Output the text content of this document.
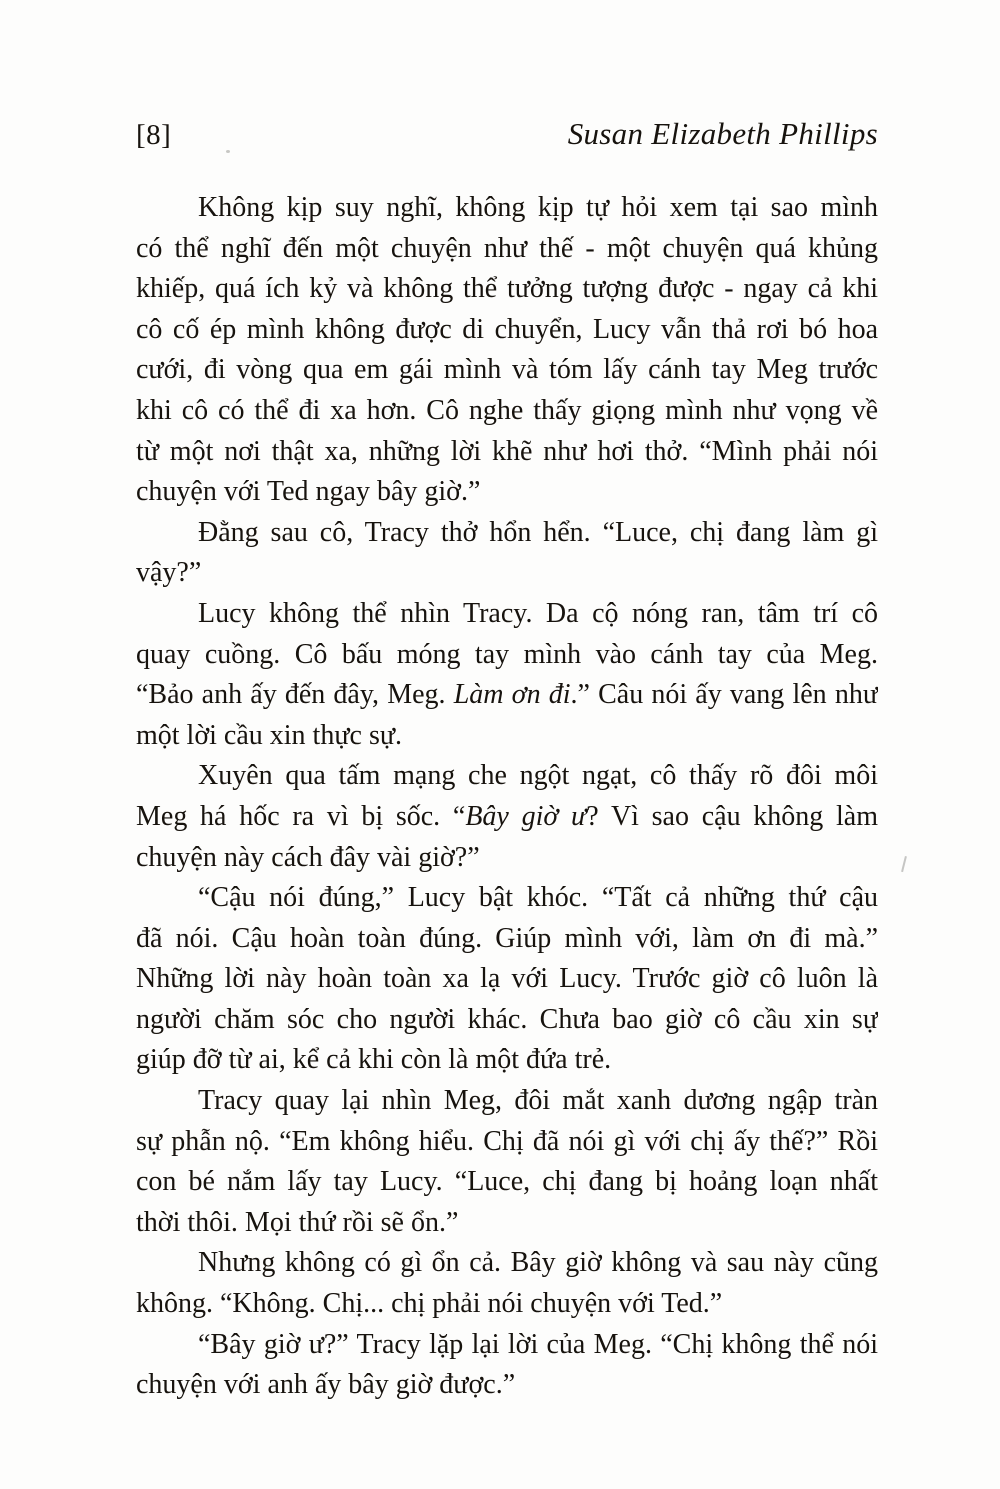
[8]	Susan Elizabeth Phillips
Không kịp suy nghĩ, không kịp tự hỏi xem tại sao mình
có thể nghĩ đến một chuyện như thế - một chuyện quá khủng
khiếp, quá ích kỷ và không thể tưởng tượng được - ngay cả khi
cô cố ép mình không được di chuyển, Lucy vẫn thả rơi bó hoa
cưới, đi vòng qua em gái mình và tóm lấy cánh tay Meg trước
khi cô có thể đi xa hơn. Cô nghe thấy giọng mình như vọng về
từ một nơi thật xa, những lời khẽ như hơi thở. “Mình phải nói
chuyện với Ted ngay bây giờ.”
Đằng sau cô, Tracy thở hổn hển. “Luce, chị đang làm gì
vậy?”
Lucy không thể nhìn Tracy. Da cộ nóng ran, tâm trí cô
quay cuồng. Cô bấu móng tay mình vào cánh tay của Meg.
“Bảo anh ấy đến đây, Meg. Làm ơn đi.” Câu nói ấy vang lên như
một lời cầu xin thực sự.
Xuyên qua tấm mạng che ngột ngạt, cô thấy rõ đôi môi
Meg há hốc ra vì bị sốc. “Bây giờ ư? Vì sao cậu không làm
chuyện này cách đây vài giờ?”
“Cậu nói đúng,” Lucy bật khóc. “Tất cả những thứ cậu
đã nói. Cậu hoàn toàn đúng. Giúp mình với, làm ơn đi mà.”
Những lời này hoàn toàn xa lạ với Lucy. Trước giờ cô luôn là
người chăm sóc cho người khác. Chưa bao giờ cô cầu xin sự
giúp đỡ từ ai, kể cả khi còn là một đứa trẻ.
Tracy quay lại nhìn Meg, đôi mắt xanh dương ngập tràn
sự phẫn nộ. “Em không hiểu. Chị đã nói gì với chị ấy thế?” Rồi
con bé nắm lấy tay Lucy. “Luce, chị đang bị hoảng loạn nhất
thời thôi. Mọi thứ rồi sẽ ổn.”
Nhưng không có gì ổn cả. Bây giờ không và sau này cũng
không. “Không. Chị... chị phải nói chuyện với Ted.”
“Bây giờ ư?” Tracy lặp lại lời của Meg. “Chị không thể nói
chuyện với anh ấy bây giờ được.”
